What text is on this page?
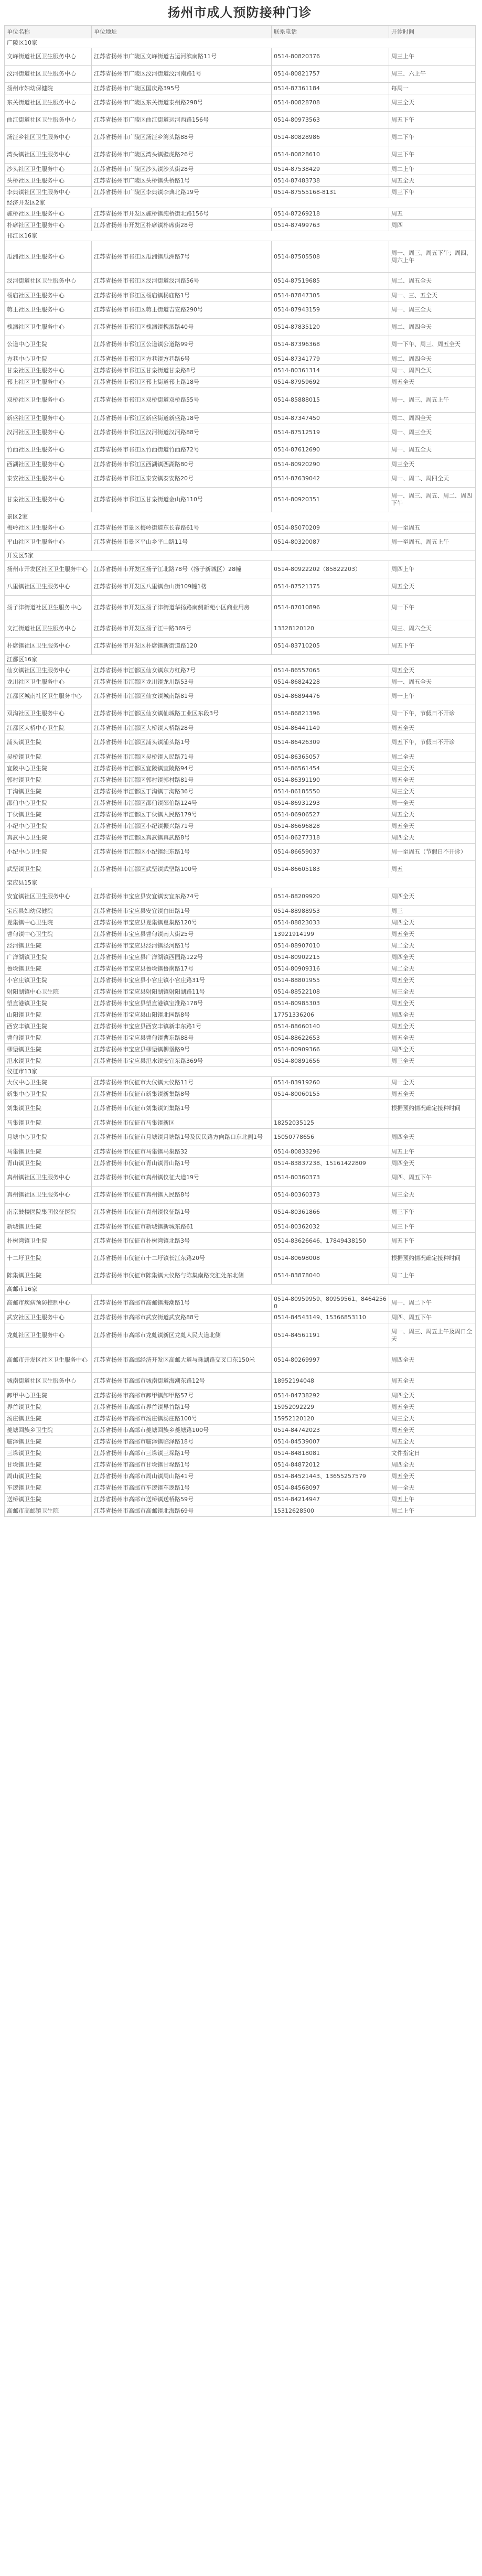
扬州市成人预防接种门诊
单位名称	单位地址	联系电话	开诊时间
广陵区10家			
文峰街道社区卫生服务中心	江苏省扬州市广陵区文峰街道古运河滨南路11号	0514-80820376	周三上午
汶河街道社区卫生服务中心	江苏省扬州市广陵区汶河街道汶河南路1号	0514-80821757	周三、六上午
扬州市妇幼保健院	江苏省扬州市广陵区国庆路395号	0514-87361184	每周一
东关街道社区卫生服务中心	江苏省扬州市广陵区东关街道泰州路298号	0514-80828708	周三全天
曲江街道社区卫生服务中心	江苏省扬州市广陵区曲江街道运河西路156号	0514-80973563	周五下午
汤汪乡社区卫生服务中心	江苏省扬州市广陵区汤汪乡湾头路88号	0514-80828986	周二下午
湾头镇社区卫生服务中心	江苏省扬州市广陵区湾头镇壁虎路26号	0514-80828610	周三下午
沙头社区卫生服务中心	江苏省扬州市广陵区沙头镇沙头街28号	0514-87538429	周二上午
头桥社区卫生服务中心	江苏省扬州市广陵区头桥镇头桥路1号	0514-87483738	周五全天
李典镇社区卫生服务中心	江苏省扬州市广陵区李典镇李典北路19号	0514-87555168-8131	周三下午
经济开发区2家			
施桥社区卫生服务中心	江苏省扬州市开发区施桥镇施桥街北路156号	0514-87269218	周五
朴席社区卫生服务中心	江苏省扬州市开发区朴席镇朴席街28号	0514-87499763	周四
邗江区16家			
瓜洲社区卫生服务中心	江苏省扬州市邗江区瓜洲镇瓜洲路7号	0514-87505508	周一、周三、周五下午；周四、周六上午
汊河街道社区卫生服务中心	江苏省扬州市邗江区汊河街道汊河路56号	0514-87519685	周二、周五全天
杨庙社区卫生服务中心	江苏省扬州市邗江区杨庙镇杨庙路1号	0514-87847305	周一、三、五全天
蒋王社区卫生服务中心	江苏省扬州市邗江区蒋王街道吉安路290号	0514-87943159	周一、周三全天
槐泗社区卫生服务中心	江苏省扬州市邗江区槐泗镇槐泗路40号	0514-87835120	周二、周四全天
公道中心卫生院	江苏省扬州市邗江区公道镇公道路99号	0514-87396368	周一下午、周三、周五全天
方巷中心卫生院	江苏省扬州市邗江区方巷镇方巷路6号	0514-87341779	周二、周四全天
甘泉社区卫生服务中心	江苏省扬州市邗江区甘泉街道甘泉路8号	0514-80361314	周一、周四全天
邗上社区卫生服务中心	江苏省扬州市邗江区邗上街道邗上路18号	0514-87959692	周五全天
双桥社区卫生服务中心	江苏省扬州市邗江区双桥街道双桥路55号	0514-85888015	周一、周三、周五上午
新盛社区卫生服务中心	江苏省扬州市邗江区新盛街道新盛路18号	0514-87347450	周二、周四全天
汉河社区卫生服务中心	江苏省扬州市邗江区汉河街道汉河路88号	0514-87512519	周一、周三全天
竹西社区卫生服务中心	江苏省扬州市邗江区竹西街道竹西路72号	0514-87612690	周一、周五全天
西湖社区卫生服务中心	江苏省扬州市邗江区西湖镇西湖路80号	0514-80920290	周三全天
泰安社区卫生服务中心	江苏省扬州市邗江区泰安镇泰安路20号	0514-87639042	周一、周二、周四全天
甘泉社区卫生服务中心	江苏省扬州市邗江区甘泉街道金山路110号	0514-80920351	周一、周三、周五、周二、周四下午
景区2家			
梅岭社区卫生服务中心	江苏省扬州市景区梅岭街道东长春路61号	0514-85070209	周一至周五
平山社区卫生服务中心	江苏省扬州市景区平山乡平山路11号	0514-80320087	周一至周五、周五上午
开发区5家			
扬州市开发区社区卫生服务中心	江苏省扬州市开发区扬子江北路78号（扬子新城区）28幢	0514-80922202（85822203）	周四上午
八里镇社区卫生服务中心	江苏省扬州市开发区八里镇金山街109幢1楼	0514-87521375	周五全天
扬子津街道社区卫生服务中心	江苏省扬州市开发区扬子津街道华扬路南侧新苑小区商业用房	0514-87010896	周一下午
文汇街道社区卫生服务中心	江苏省扬州市开发区扬子江中路369号	13328120120	周三、周六全天
朴席镇社区卫生服务中心	江苏省扬州市开发区朴席镇新街道路120	0514-83710205	周五下午
江都区16家			
仙女镇社区卫生服务中心	江苏省扬州市江都区仙女镇东方红路7号	0514-86557065	周五全天
龙川社区卫生服务中心	江苏省扬州市江都区龙川镇龙川路53号	0514-86824228	周一、周五全天
江都区城南社区卫生服务中心	江苏省扬州市江都区仙女镇城南路81号	0514-86894476	周一上午
双沟社区卫生服务中心	江苏省扬州市江都区仙女镇仙城路工业区东段3号	0514-86821396	周一下午，节假日不开诊
江都区大桥中心卫生院	江苏省扬州市江都区大桥镇大桥路28号	0514-86441149	周五全天
浦头镇卫生院	江苏省扬州市江都区浦头镇浦头路1号	0514-86426309	周五下午，节假日不开诊
吴桥镇卫生院	江苏省扬州市江都区吴桥镇人民路71号	0514-86365057	周二全天
宜陵中心卫生院	江苏省扬州市江都区宜陵镇宜陵路94号	0514-86561454	周三全天
郭村镇卫生院	江苏省扬州市江都区郭村镇郭村路81号	0514-86391190	周五全天
丁沟镇卫生院	江苏省扬州市江都区丁沟镇丁沟路36号	0514-86185550	周三全天
邵伯中心卫生院	江苏省扬州市江都区邵伯镇邵伯路124号	0514-86931293	周一全天
丁伙镇卫生院	江苏省扬州市江都区丁伙镇人民路179号	0514-86906527	周五全天
小纪中心卫生院	江苏省扬州市江都区小纪镇振兴路71号	0514-86696828	周五全天
真武中心卫生院	江苏省扬州市江都区真武镇真武路8号	0514-86277318	周四全天
小纪中心卫生院	江苏省扬州市江都区小纪镇纪东路1号	0514-86659037	周一至周五（节假日不开诊）
武坚镇卫生院	江苏省扬州市江都区武坚镇武坚路100号	0514-86605183	周五
宝应县15家			
安宜镇社区卫生服务中心	江苏省扬州市宝应县安宜镇安宜东路74号	0514-88209920	周四全天
宝应县妇幼保健院	江苏省扬州市宝应县安宜镇白田路1号	0514-88988953	周三
夏集镇中心卫生院	江苏省扬州市宝应县夏集镇夏集路120号	0514-88823033	周四全天
曹甸镇中心卫生院	江苏省扬州市宝应县曹甸镇南大街25号	13921914199	周五全天
泾河镇卫生院	江苏省扬州市宝应县泾河镇泾河路1号	0514-88907010	周二全天
广洋湖镇卫生院	江苏省扬州市宝应县广洋湖镇西园路122号	0514-80902215	周四全天
鲁垛镇卫生院	江苏省扬州市宝应县鲁垛镇鲁南路17号	0514-80909316	周二全天
小官庄镇卫生院	江苏省扬州市宝应县小官庄镇小官庄路31号	0514-88801955	周五全天
射阳湖镇中心卫生院	江苏省扬州市宝应县射阳湖镇射阳湖路11号	0514-88522108	周三全天
望直港镇卫生院	江苏省扬州市宝应县望直港镇宝淮路178号	0514-80985303	周五全天
山阳镇卫生院	江苏省扬州市宝应县山阳镇北园路8号	17751336206	周四全天
西安丰镇卫生院	江苏省扬州市宝应县西安丰镇新丰东路1号	0514-88660140	周五全天
曹甸镇卫生院	江苏省扬州市宝应县曹甸镇曹东路88号	0514-88622653	周五全天
柳堡镇卫生院	江苏省扬州市宝应县柳堡镇柳堡路9号	0514-80909366	周四全天
氾水镇卫生院	江苏省扬州市宝应县氾水镇安宜东路369号	0514-80891656	周三全天
仪征市13家			
大仪中心卫生院	江苏省扬州市仪征市大仪镇大仪路11号	0514-83919260	周一全天
新集中心卫生院	江苏省扬州市仪征市新集镇新集路8号	0514-80060155	周五全天
刘集镇卫生院	江苏省扬州市仪征市刘集镇刘集路1号		根据预约情况确定接种时间
马集镇卫生院	江苏省扬州市仪征市马集镇新区	18252035125	
月塘中心卫生院	江苏省扬州市仪征市月塘镇月塘路1号及民民路方向路口东北侧1号	15050778656	周四全天
马集镇卫生院	江苏省扬州市仪征市马集镇马集路32	0514-80833296	周五上午
青山镇卫生院	江苏省扬州市仪征市青山镇青山路1号	0514-83837238、15161422809	周四全天
真州镇社区卫生服务中心	江苏省扬州市仪征市真州镇仪征大道19号	0514-80360373	周四、周五下午
真州镇社区卫生服务中心	江苏省扬州市仪征市真州镇人民路8号	0514-80360373	周三全天
南京鼓楼医院集团仪征医院	江苏省扬州市仪征市真州镇仪征路1号	0514-80361866	周三下午
新城镇卫生院	江苏省扬州市仪征市新城镇新城东路61	0514-80362032	周三下午
朴树湾镇卫生院	江苏省扬州市仪征市朴树湾镇北路3号	0514-83626646、17849438150	周五下午
十二圩卫生院	江苏省扬州市仪征市十二圩镇长江东路20号	0514-80698008	根据预约情况确定接种时间
陈集镇卫生院	江苏省扬州市仪征市陈集镇大仪路与陈集南路交汇处东北侧	0514-83878040	周二上午
高邮市16家			
高邮市疾病预防控制中心	江苏省扬州市高邮市高邮镇海潮路1号	0514-80959959、80959561、84642560	周一、周二下午
武安社区卫生服务中心	江苏省扬州市高邮市武安街道武安路88号	0514-84543149、15366853110	周四、周五下午
龙虬社区卫生服务中心	江苏省扬州市高邮市龙虬镇新区龙虬人民大道北侧	0514-84561191	周一、周三、周五上午及周日全天
高邮市开发区社区卫生服务中心	江苏省扬州市高邮经济开发区高邮大道与珠湖路交叉口东150米	0514-80269997	周四全天
城南街道社区卫生服务中心	江苏省扬州市高邮市城南街道海潮东路12号	18952194048	周五全天
卸甲中心卫生院	江苏省扬州市高邮市卸甲镇卸甲路57号	0514-84738292	周四全天
界首镇卫生院	江苏省扬州市高邮市界首镇界首路1号	15952092229	周五全天
汤庄镇卫生院	江苏省扬州市高邮市汤庄镇汤庄路100号	15952120120	周三全天
菱塘回族乡卫生院	江苏省扬州市高邮市菱塘回族乡菱塘路100号	0514-84742023	周五全天
临泽镇卫生院	江苏省扬州市高邮市临泽镇临泽路18号	0514-84539007	周五全天
三垛镇卫生院	江苏省扬州市高邮市三垛镇三垛路1号	0514-84818081	文件指定日
甘垛镇卫生院	江苏省扬州市高邮市甘垛镇甘垛路1号	0514-84872012	周四全天
周山镇卫生院	江苏省扬州市高邮市周山镇周山路41号	0514-84521443、13655257579	周五全天
车逻镇卫生院	江苏省扬州市高邮市车逻镇车逻路1号	0514-84568097	周一全天
送桥镇卫生院	江苏省扬州市高邮市送桥镇送桥路59号	0514-84214947	周五上午
高邮市高邮镇卫生院	江苏省扬州市高邮市高邮镇北海路69号	15312628500	周二上午
